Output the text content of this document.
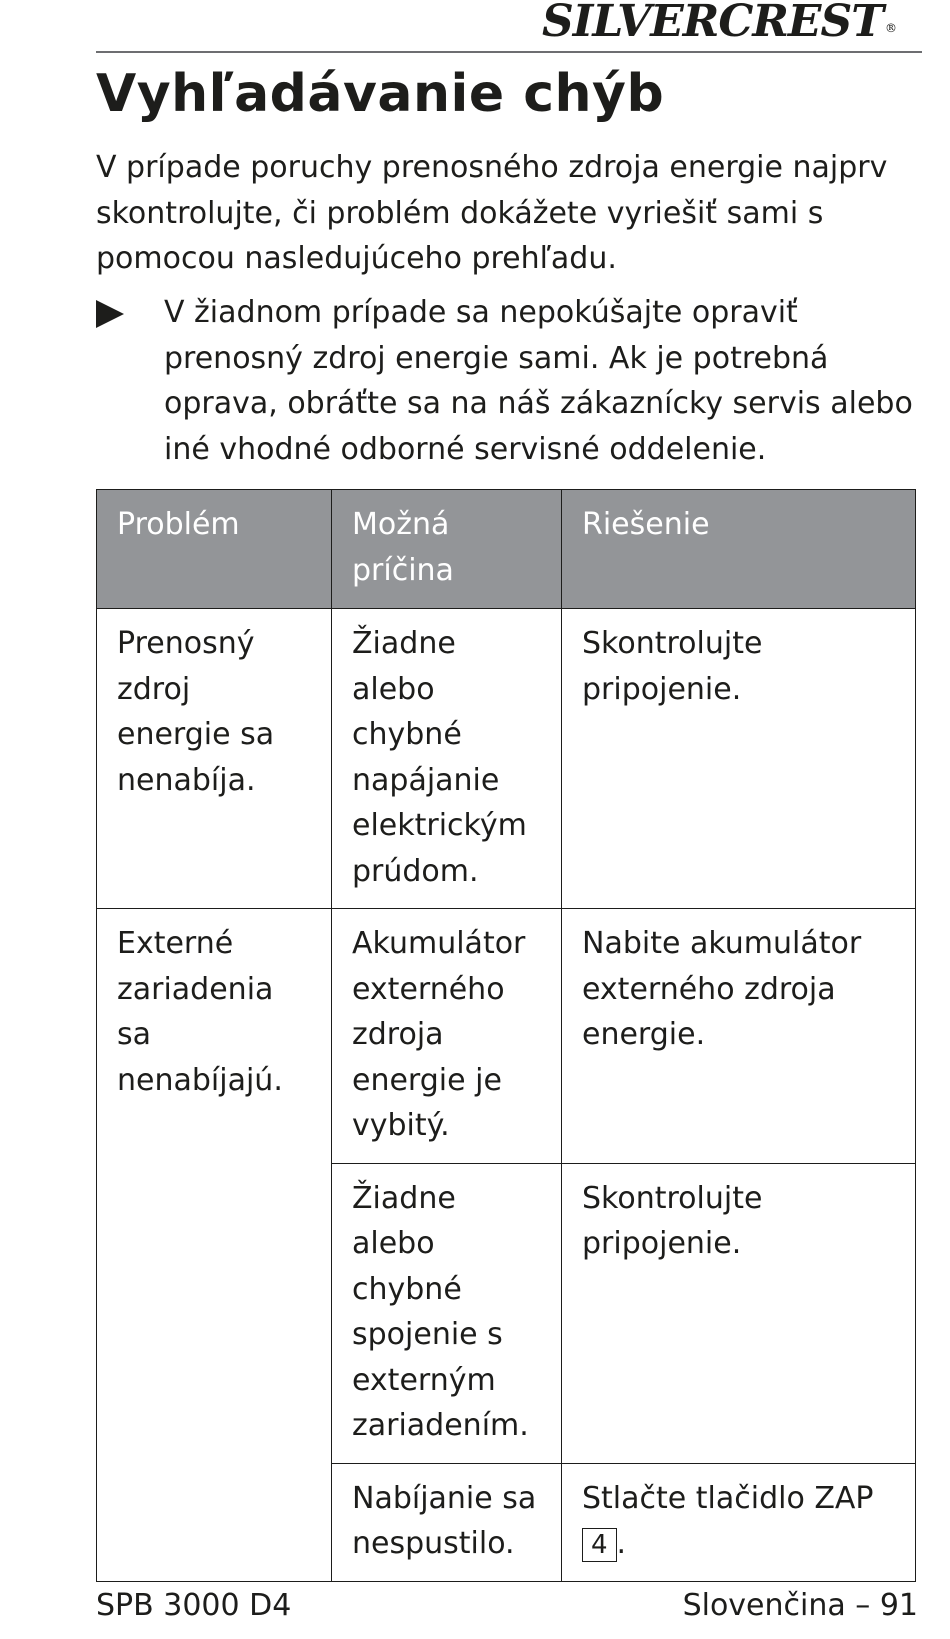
SILVERCREST ®
Vyhľadávanie chýb

V prípade poruchy prenosného zdroja energie najprv skontrolujte, či problém dokážete vyriešiť sami s pomocou nasledujúceho prehľadu.

V žiadnom prípade sa nepokúšajte opraviť prenosný zdroj energie sami. Ak je potrebná oprava, obráťte sa na náš zákaznícky servis alebo iné vhodné odborné servisné oddelenie.
Problém	Možná príčina	Riešenie
Prenosný zdroj energie sa nenabíja.	Žiadne alebo chybné napájanie elektrickým prúdom.	Skontrolujte pripojenie.
Externé zariadenia sa nenabíjajú.	Akumulátor externého zdroja energie je vybitý.	Nabite akumulátor externého zdroja energie.
	Žiadne alebo chybné spojenie s externým zariadením.	Skontrolujte pripojenie.
	Nabíjanie sa nespustilo.	Stlačte tlačidlo ZAP
4 .
SPB 3000 D4	Slovenčina – 91
